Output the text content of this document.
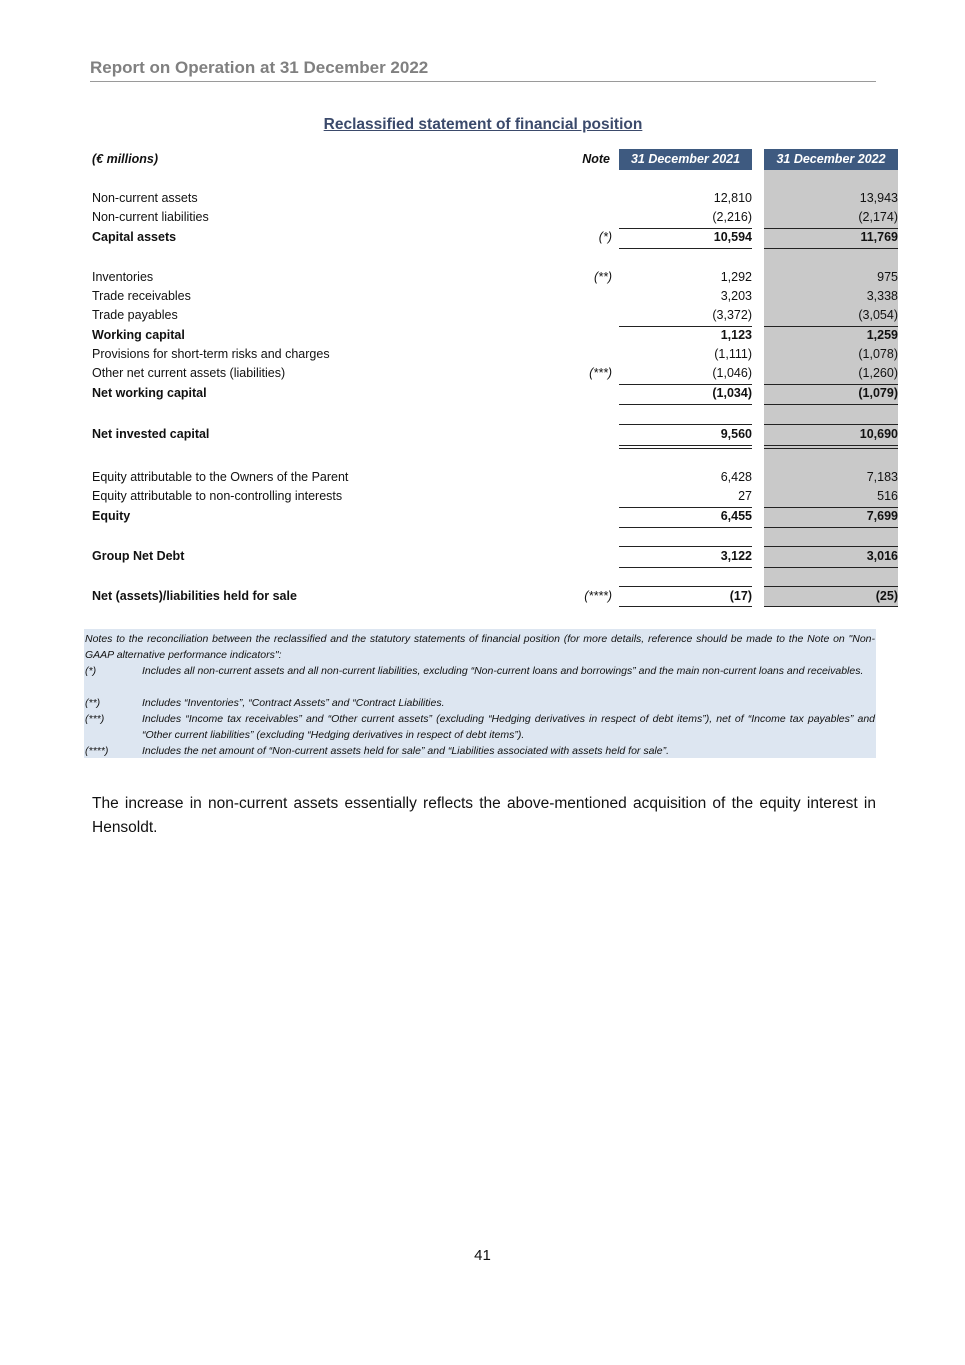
Report on Operation at 31 December 2022
Reclassified statement of financial position
(€ millions)	Note	31 December 2021	31 December 2022
Non-current assets	12,810	13,943
Non-current liabilities	(2,216)	(2,174)
Capital assets	(*)	10,594	11,769
Inventories	(**)	1,292	975
Trade receivables	3,203	3,338
Trade payables	(3,372)	(3,054)
Working capital	1,123	1,259
Provisions for short-term risks and charges	(1,111)	(1,078)
Other net current assets (liabilities)	(***)	(1,046)	(1,260)
Net working capital	(1,034)	(1,079)
Net invested capital	9,560	10,690
Equity attributable to the Owners of the Parent	6,428	7,183
Equity attributable to non-controlling interests	27	516
Equity	6,455	7,699
Group Net Debt	3,122	3,016
Net (assets)/liabilities held for sale	(****)	(17)	(25)
Notes to the reconciliation between the reclassified and the statutory statements of financial position (for more details, reference should be made to the Note on "Non-GAAP alternative performance indicators":
(*)	Includes all non-current assets and all non-current liabilities, excluding “Non-current loans and borrowings” and the main non-current loans and receivables.
(**)	Includes “Inventories”, “Contract Assets” and “Contract Liabilities.
(***)	Includes “Income tax receivables” and “Other current assets” (excluding “Hedging derivatives in respect of debt items”), net of “Income tax payables” and “Other current liabilities” (excluding “Hedging derivatives in respect of debt items”).
(****)	Includes the net amount of “Non-current assets held for sale” and “Liabilities associated with assets held for sale”.
The increase in non-current assets essentially reflects the above-mentioned acquisition of the equity interest in Hensoldt.
41
